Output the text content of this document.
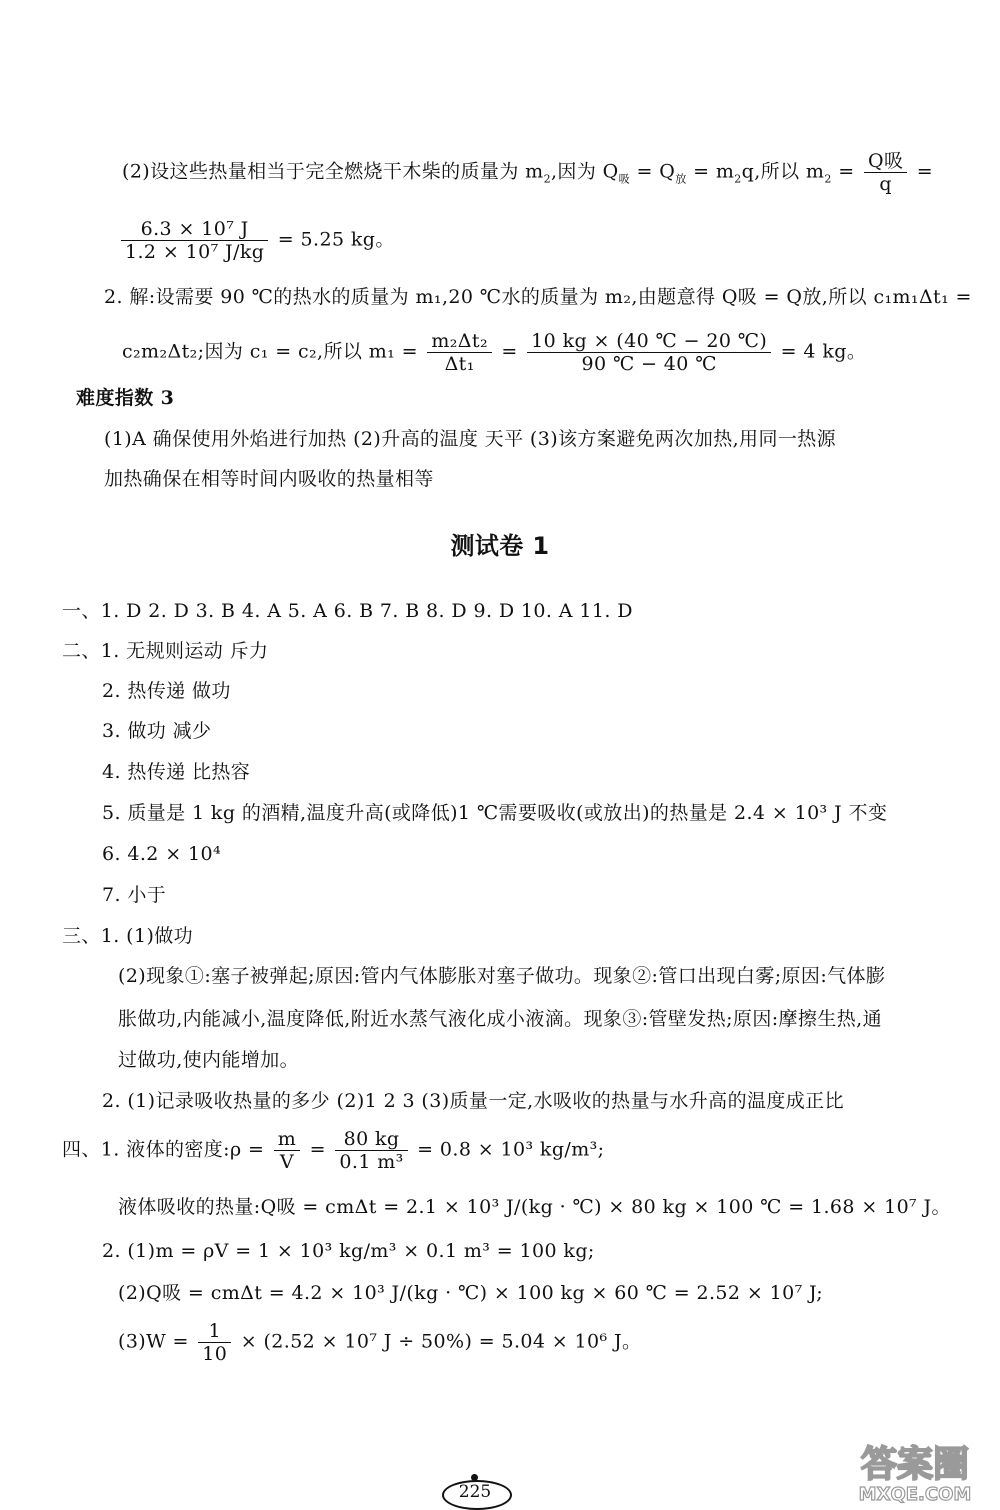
(2)设这些热量相当于完全燃烧干木柴的质量为 $m_2$,因为 $Q_吸 = Q_放 = m_2q$,所以 $m_2 = \frac{\text{Q吸}}{q}$ =
$\frac{\text{6.3 × 10⁷ J}}{\text{1.2 × 10⁷ J/kg}} = 5.25$ kg。
2. 解:设需要 90 ℃的热水的质量为 m₁,20 ℃水的质量为 m₂,由题意得 Q吸 = Q放,所以 c₁m₁Δt₁ =
c₂m₂Δt₂;因为 c₁ = c₂,所以 $m_1 = \frac{\text{m₂Δt₂}}{\text{Δt₁}} = \frac{10 kg \times (40 ℃ - 20 ℃)}{90 ℃ - 40 ℃} = 4$ kg。
难度指数 3
(1)A 确保使用外焰进行加热 (2)升高的温度 天平 (3)该方案避免两次加热,用同一热源
加热确保在相等时间内吸收的热量相等
测试卷 1
一、1. D 2. D 3. B 4. A 5. A 6. B 7. B 8. D 9. D 10. A 11. D
二、1. 无规则运动 斥力
2. 热传递 做功
3. 做功 减少
4. 热传递 比热容
5. 质量是 1 kg 的酒精,温度升高(或降低)1 ℃需要吸收(或放出)的热量是 2.4 × 10³ J 不变
6. 4.2 × 10⁴
7. 小于
三、1. (1)做功
(2)现象①:塞子被弹起;原因:管内气体膨胀对塞子做功。现象②:管口出现白雾;原因:气体膨
胀做功,内能减小,温度降低,附近水蒸气液化成小液滴。现象③:管壁发热;原因:摩擦生热,通
过做功,使内能增加。
2. (1)记录吸收热量的多少 (2)1 2 3 (3)质量一定,水吸收的热量与水升高的温度成正比
四、1. 液体的密度:ρ = $\frac{m}{V} = \frac{80 kg}{\text{0.1 m³}} = 0.8 \times 10^3$ kg/m³;
液体吸收的热量:Q吸 = cmΔt = 2.1 × 10³ J/(kg · ℃) × 80 kg × 100 ℃ = 1.68 × 10⁷ J。
2. (1)m = ρV = 1 × 10³ kg/m³ × 0.1 m³ = 100 kg;
(2)Q吸 = cmΔt = 4.2 × 10³ J/(kg · ℃) × 100 kg × 60 ℃ = 2.52 × 10⁷ J;
$(3)W = \frac{1}{10} \times (2.52 \times 10^7$ J ÷ 50%) = 5.04 × 10⁶ J。
225
答案圈
MXQE.COM
